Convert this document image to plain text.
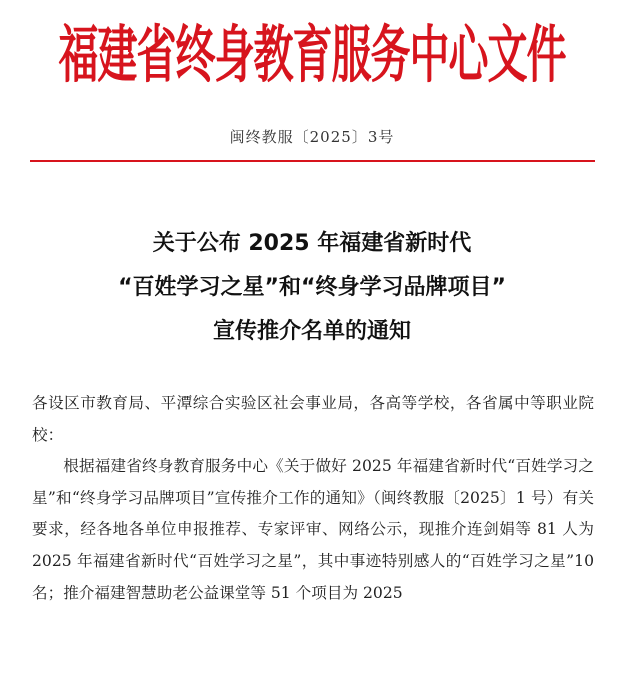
福建省终身教育服务中心文件
闽终教服〔2025〕3号
关于公布 2025 年福建省新时代
“百姓学习之星”和“终身学习品牌项目”
宣传推介名单的通知

各设区市教育局、平潭综合实验区社会事业局，各高等学校，各省属中等职业院校：

根据福建省终身教育服务中心《关于做好 2025 年福建省新时代“百姓学习之星”和“终身学习品牌项目”宣传推介工作的通知》（闽终教服〔2025〕1 号）有关要求，经各地各单位申报推荐、专家评审、网络公示，现推介连剑娟等 81 人为 2025 年福建省新时代“百姓学习之星”，其中事迹特别感人的“百姓学习之星”10 名；推介福建智慧助老公益课堂等 51 个项目为 2025
